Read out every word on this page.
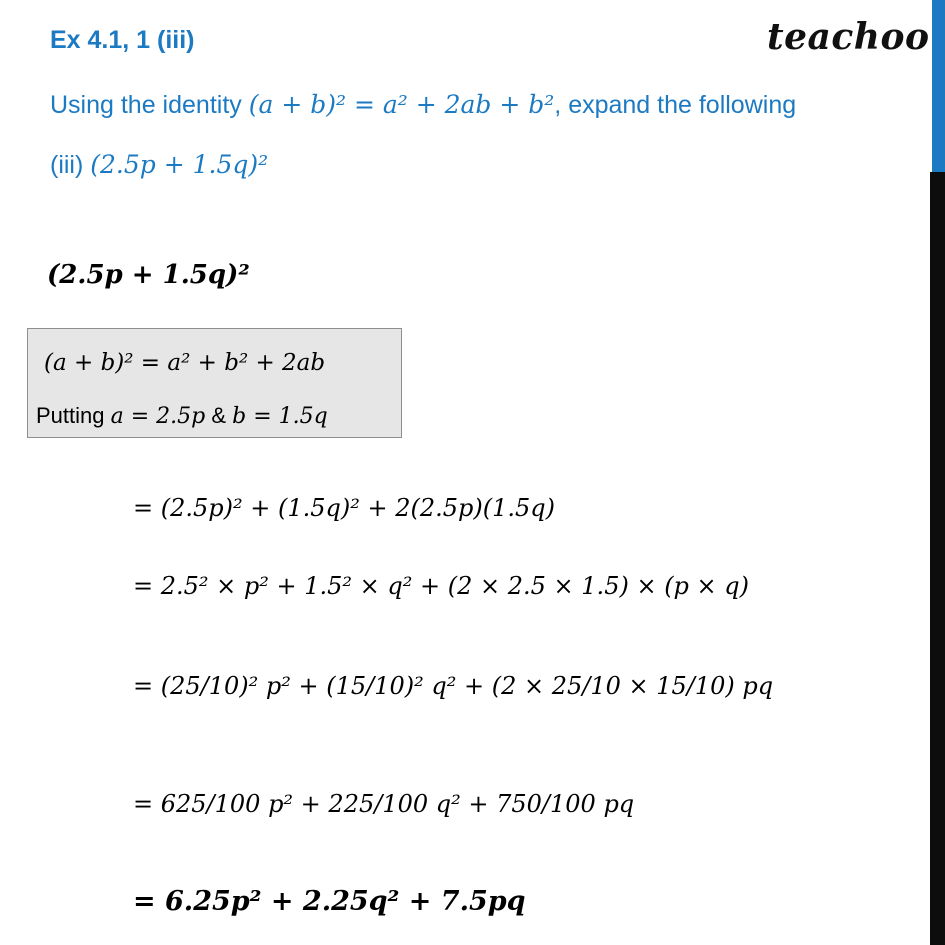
Ex 4.1, 1 (iii)	teachoo
Using the identity (a + b)² = a² + 2ab + b², expand the following
(iii) (2.5p + 1.5q)²
(2.5p + 1.5q)²
(a + b)² = a² + b² + 2ab
Putting a = 2.5p & b = 1.5q
= (2.5p)² + (1.5q)² + 2(2.5p)(1.5q)
= 2.5² × p² + 1.5² × q² + (2 × 2.5 × 1.5) × (p × q)
= (25/10)² p² + (15/10)² q² + (2 × 25/10 × 15/10) pq
= 625/100 p² + 225/100 q² + 750/100 pq
= 6.25p² + 2.25q² + 7.5pq
